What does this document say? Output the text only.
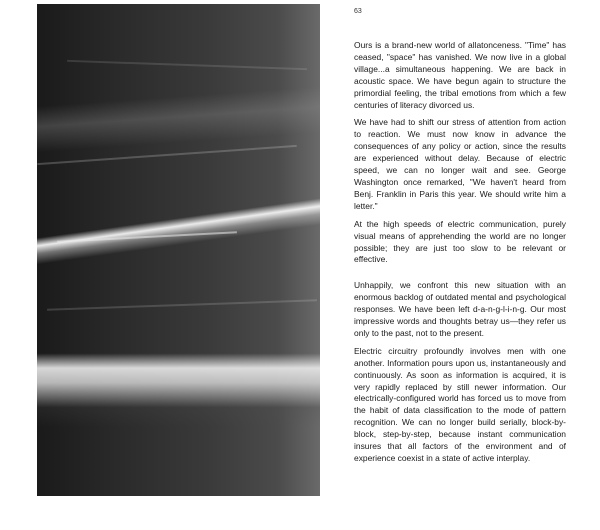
63

Ours is a brand-new world of allatonceness. "Time" has ceased, "space" has vanished. We now live in a global village...a simultaneous happening. We are back in acoustic space. We have begun again to structure the primordial feeling, the tribal emotions from which a few centuries of literacy divorced us.

We have had to shift our stress of attention from action to reaction. We must now know in advance the consequences of any policy or action, since the results are experienced without delay. Because of electric speed, we can no longer wait and see. George Washington once remarked, "We haven't heard from Benj. Franklin in Paris this year. We should write him a letter."

At the high speeds of electric communication, purely visual means of apprehending the world are no longer possible; they are just too slow to be relevant or effective.

Unhappily, we confront this new situation with an enormous backlog of outdated mental and psychological responses. We have been left d-a-n-g-l-i-n-g. Our most impressive words and thoughts betray us—they refer us only to the past, not to the present.

Electric circuitry profoundly involves men with one another. Information pours upon us, instantaneously and continuously. As soon as information is acquired, it is very rapidly replaced by still newer information. Our electrically-configured world has forced us to move from the habit of data classification to the mode of pattern recognition. We can no longer build serially, block-by-block, step-by-step, because instant communication insures that all factors of the environment and of experience coexist in a state of active interplay.
